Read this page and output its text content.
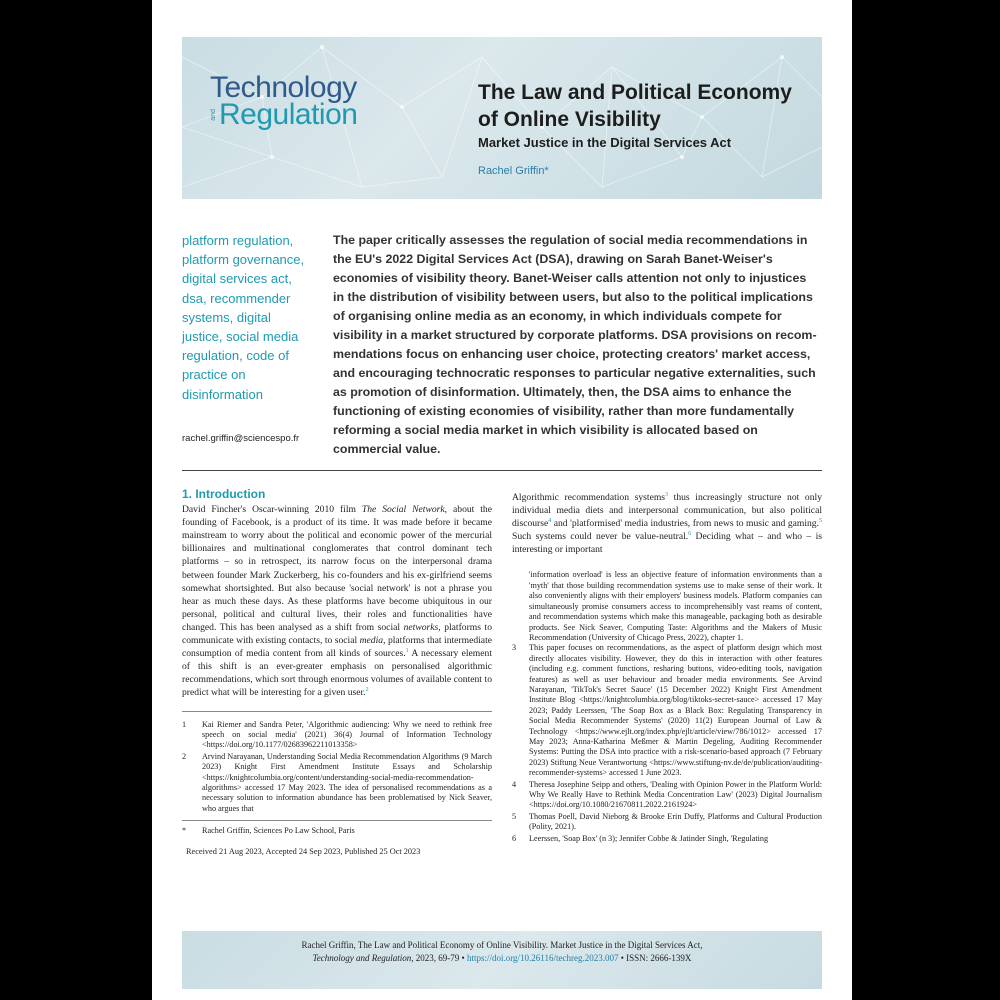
Technology
and Regulation
The Law and Political Economy of Online Visibility
Market Justice in the Digital Services Act
Rachel Griffin*
platform regulation, platform governance, digital services act, dsa, recommender systems, digital justice, social media regulation, code of practice on disinformation
rachel.griffin@sciencespo.fr
The paper critically assesses the regulation of social media recommendations in the EU's 2022 Digital Services Act (DSA), drawing on Sarah Banet-Weiser's economies of visibility theory. Banet-Weiser calls attention not only to injustices in the distribution of visibility between users, but also to the political implications of organising online media as an economy, in which individuals compete for visibility in a market structured by corporate platforms. DSA provisions on recom-mendations focus on enhancing user choice, protecting creators' market access, and encouraging technocratic responses to particular negative externalities, such as promotion of disinformation. Ultimately, then, the DSA aims to enhance the functioning of existing economies of visibility, rather than more fundamentally reforming a social media market in which visibility is allocated based on commercial value.
1. Introduction

David Fincher's Oscar-winning 2010 film The Social Network, about the founding of Facebook, is a product of its time. It was made before it became mainstream to worry about the political and economic power of the mercurial billionaires and multinational conglomerates that control dominant tech platforms – so in retrospect, its narrow focus on the interpersonal drama between founder Mark Zuckerberg, his co-founders and his ex-girlfriend seems somewhat shortsighted. But also because 'social network' is not a phrase you hear as much these days. As these platforms have become ubiquitous in our personal, political and cultural lives, their roles and functionalities have changed. This has been analysed as a shift from social networks, platforms to communicate with existing contacts, to social media, platforms that intermediate consumption of media content from all kinds of sources.$^1$ A necessary element of this shift is an ever-greater emphasis on personalised algorithmic recommendations, which sort through enormous volumes of available content to predict what will be interesting for a given user.$^2$

1	Kai Riemer and Sandra Peter, 'Algorithmic audiencing: Why we need to rethink free speech on social media' (2021) 36(4) Journal of Information Technology <https://doi.org/10.1177/02683962211013358>
2	Arvind Narayanan, Understanding Social Media Recommendation Algorithms (9 March 2023) Knight First Amendment Institute Essays and Scholarship <https://knightcolumbia.org/content/understanding-social-media-recommendation-algorithms> accessed 17 May 2023. The idea of personalised recommendations as a necessary solution to information abundance has been problematised by Nick Seaver, who argues that
*	Rachel Griffin, Sciences Po Law School, Paris
Received 21 Aug 2023, Accepted 24 Sep 2023, Published 25 Oct 2023

Algorithmic recommendation systems$^3$ thus increasingly structure not only individual media diets and interpersonal communication, but also political discourse$^4$ and 'platformised' media industries, from news to music and gaming.$^5$ Such systems could never be value-neutral.$^6$ Deciding what – and who – is interesting or important

'information overload' is less an objective feature of information environments than a 'myth' that those building recommendation systems use to make sense of their work. It also conveniently aligns with their employers' business models. Platform companies can simultaneously promise consumers access to incomprehensibly vast reams of content, and recommendation systems which make this manageable, packaging both as desirable products. See Nick Seaver, Computing Taste: Algorithms and the Makers of Music Recommendation (University of Chicago Press, 2022), chapter 1.
3	This paper focuses on recommendations, as the aspect of platform design which most directly allocates visibility. However, they do this in interaction with other features (including e.g. comment functions, resharing buttons, video-editing tools, navigation features) as well as user behaviour and broader media environments. See Arvind Narayanan, 'TikTok's Secret Sauce' (15 December 2022) Knight First Amendment Institute Blog <https://knightcolumbia.org/blog/tiktoks-secret-sauce> accessed 17 May 2023; Paddy Leerssen, 'The Soap Box as a Black Box: Regulating Transparency in Social Media Recommender Systems' (2020) 11(2) European Journal of Law & Technology <https://www.ejlt.org/index.php/ejlt/article/view/786/1012> accessed 17 May 2023; Anna-Katharina Meßmer & Martin Degeling, Auditing Recommender Systems: Putting the DSA into practice with a risk-scenario-based approach (7 February 2023) Stiftung Neue Verantwortung <https://www.stiftung-nv.de/de/publication/auditing-recommender-systems> accessed 1 June 2023.
4	Theresa Josephine Seipp and others, 'Dealing with Opinion Power in the Platform World: Why We Really Have to Rethink Media Concentration Law' (2023) Digital Journalism <https://doi.org/10.1080/21670811.2022.2161924>
5	Thomas Poell, David Nieborg & Brooke Erin Duffy, Platforms and Cultural Production (Polity, 2021).
6	Leerssen, 'Soap Box' (n 3); Jennifer Cobbe & Jatinder Singh, 'Regulating
Rachel Griffin, The Law and Political Economy of Online Visibility. Market Justice in the Digital Services Act,
Technology and Regulation, 2023, 69-79 • https://doi.org/10.26116/techreg.2023.007 • ISSN: 2666-139X
